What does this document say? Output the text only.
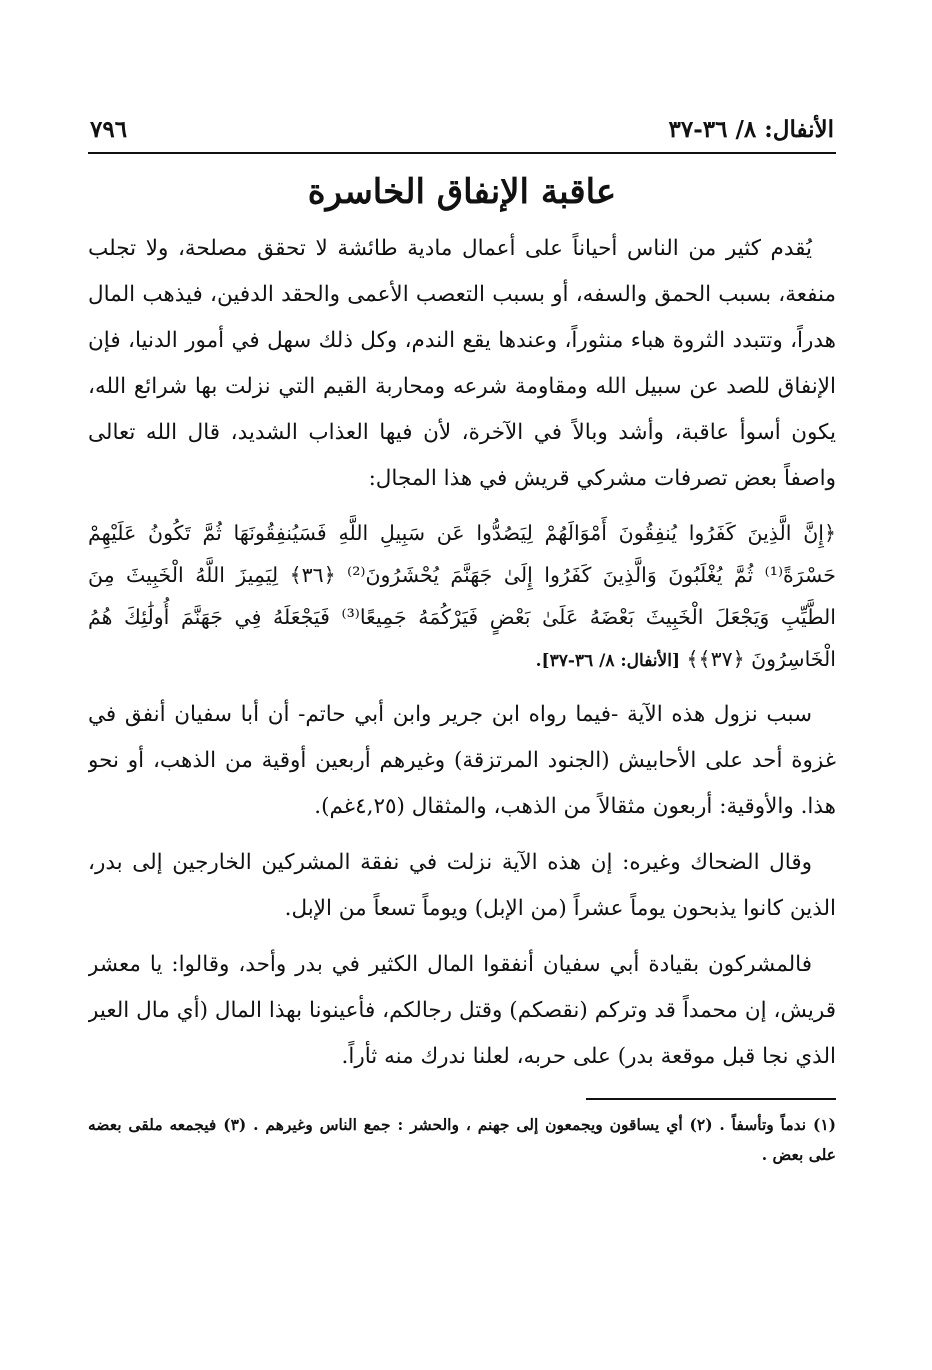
الأنفال: ٨/ ٣٦-٣٧
٧٩٦
عاقبة الإنفاق الخاسرة

يُقدم كثير من الناس أحياناً على أعمال مادية طائشة لا تحقق مصلحة، ولا تجلب منفعة، بسبب الحمق والسفه، أو بسبب التعصب الأعمى والحقد الدفين، فيذهب المال هدراً، وتتبدد الثروة هباء منثوراً، وعندها يقع الندم، وكل ذلك سهل في أمور الدنيا، فإن الإنفاق للصد عن سبيل الله ومقاومة شرعه ومحاربة القيم التي نزلت بها شرائع الله، يكون أسوأ عاقبة، وأشد وبالاً في الآخرة، لأن فيها العذاب الشديد، قال الله تعالى واصفاً بعض تصرفات مشركي قريش في هذا المجال:

﴿إِنَّ الَّذِينَ كَفَرُوا يُنفِقُونَ أَمْوَالَهُمْ لِيَصُدُّوا عَن سَبِيلِ اللَّهِ فَسَيُنفِقُونَهَا ثُمَّ تَكُونُ عَلَيْهِمْ حَسْرَةً⁽¹⁾ ثُمَّ يُغْلَبُونَ وَالَّذِينَ كَفَرُوا إِلَىٰ جَهَنَّمَ يُحْشَرُونَ⁽²⁾ ﴿٣٦﴾ لِيَمِيزَ اللَّهُ الْخَبِيثَ مِنَ الطَّيِّبِ وَيَجْعَلَ الْخَبِيثَ بَعْضَهُ عَلَىٰ بَعْضٍ فَيَرْكُمَهُ جَمِيعًا⁽³⁾ فَيَجْعَلَهُ فِي جَهَنَّمَ أُولَٰئِكَ هُمُ الْخَاسِرُونَ ﴿٣٧﴾﴾ [الأنفال: ٨/ ٣٦-٣٧].

سبب نزول هذه الآية -فيما رواه ابن جرير وابن أبي حاتم- أن أبا سفيان أنفق في غزوة أحد على الأحابيش (الجنود المرتزقة) وغيرهم أربعين أوقية من الذهب، أو نحو هذا. والأوقية: أربعون مثقالاً من الذهب، والمثقال (٤,٢٥غم).

وقال الضحاك وغيره: إن هذه الآية نزلت في نفقة المشركين الخارجين إلى بدر، الذين كانوا يذبحون يوماً عشراً (من الإبل) ويوماً تسعاً من الإبل.

فالمشركون بقيادة أبي سفيان أنفقوا المال الكثير في بدر وأحد، وقالوا: يا معشر قريش، إن محمداً قد وتركم (نقصكم) وقتل رجالكم، فأعينونا بهذا المال (أي مال العير الذي نجا قبل موقعة بدر) على حربه، لعلنا ندرك منه ثأراً.

(١) ندماً وتأسفاً . (٢) أي يساقون ويجمعون إلى جهنم ، والحشر : جمع الناس وغيرهم . (٣) فيجمعه ملقى بعضه على بعض .
